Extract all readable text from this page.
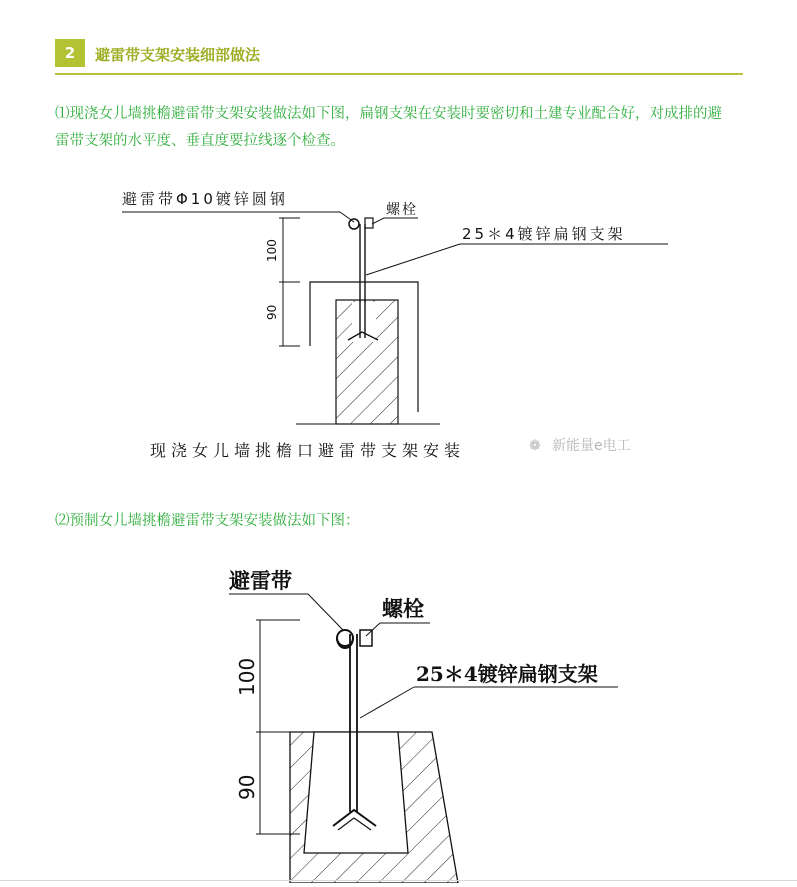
2	避雷带支架安装细部做法

⑴现浇女儿墙挑檐避雷带支架安装做法如下图，扁钢支架在安装时要密切和土建专业配合好，对成排的避雷带支架的水平度、垂直度要拉线逐个检查。

避雷带Φ10镀锌圆钢
螺栓
25＊4镀锌扁钢支架
100
90
现浇女儿墙挑檐口避雷带支架安装	❁ 新能量e电工

⑵预制女儿墙挑檐避雷带支架安装做法如下图：

避雷带
螺栓
25＊4镀锌扁钢支架
100
90
